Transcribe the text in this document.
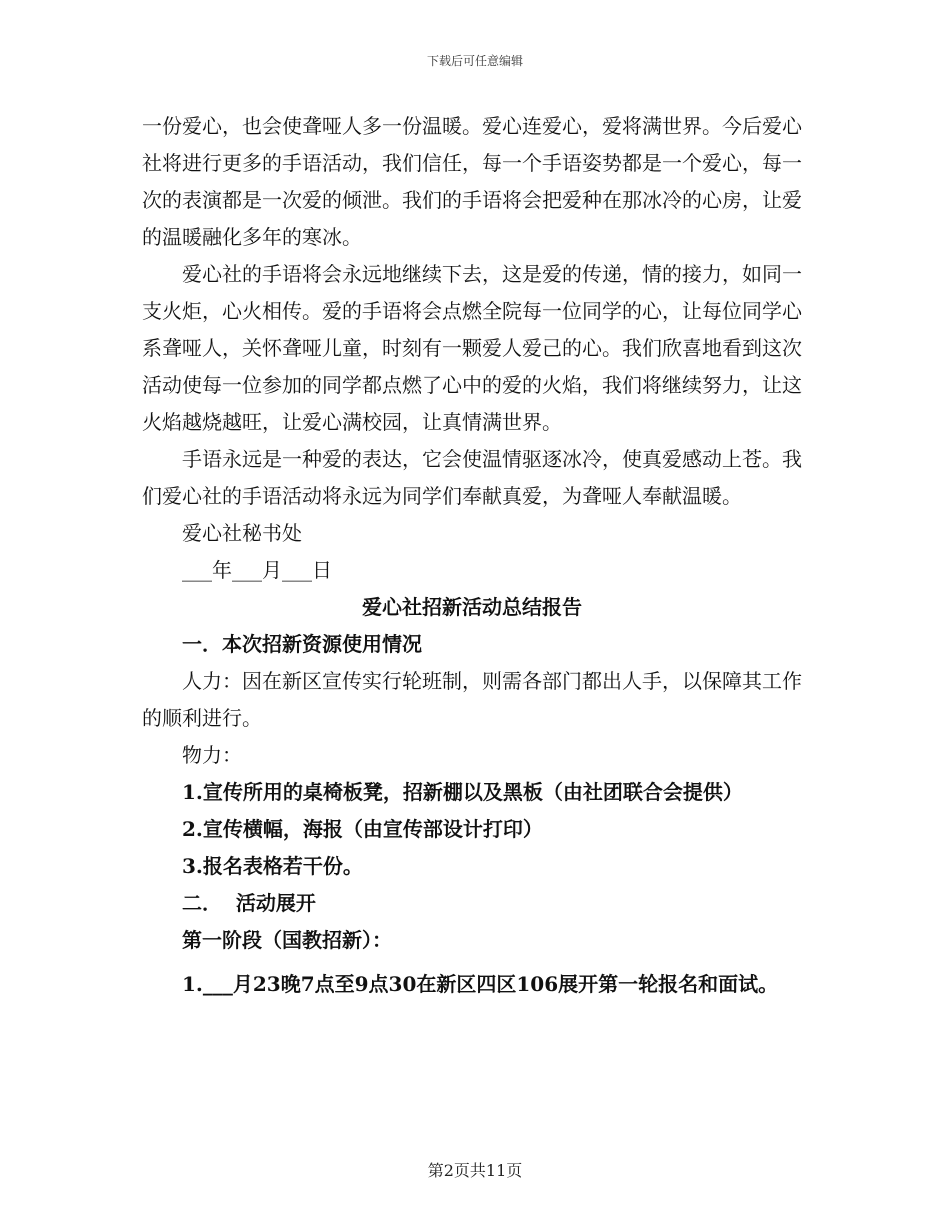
下载后可任意编辑

一份爱心，也会使聋哑人多一份温暖。爱心连爱心，爱将满世界。今后爱心社将进行更多的手语活动，我们信任，每一个手语姿势都是一个爱心，每一次的表演都是一次爱的倾泄。我们的手语将会把爱种在那冰冷的心房，让爱的温暖融化多年的寒冰。

爱心社的手语将会永远地继续下去，这是爱的传递，情的接力，如同一支火炬，心火相传。爱的手语将会点燃全院每一位同学的心，让每位同学心系聋哑人，关怀聋哑儿童，时刻有一颗爱人爱己的心。我们欣喜地看到这次活动使每一位参加的同学都点燃了心中的爱的火焰，我们将继续努力，让这火焰越烧越旺，让爱心满校园，让真情满世界。

手语永远是一种爱的表达，它会使温情驱逐冰冷，使真爱感动上苍。我们爱心社的手语活动将永远为同学们奉献真爱，为聋哑人奉献温暖。

爱心社秘书处

___年___月___日

爱心社招新活动总结报告

一．本次招新资源使用情况

人力：因在新区宣传实行轮班制，则需各部门都出人手，以保障其工作的顺利进行。

物力：

1.宣传所用的桌椅板凳，招新棚以及黑板（由社团联合会提供）

2.宣传横幅，海报（由宣传部设计打印）

3.报名表格若干份。

二．  活动展开

第一阶段（国教招新）：

1.___月23晚7点至9点30在新区四区106展开第一轮报名和面试。

第2页共11页
